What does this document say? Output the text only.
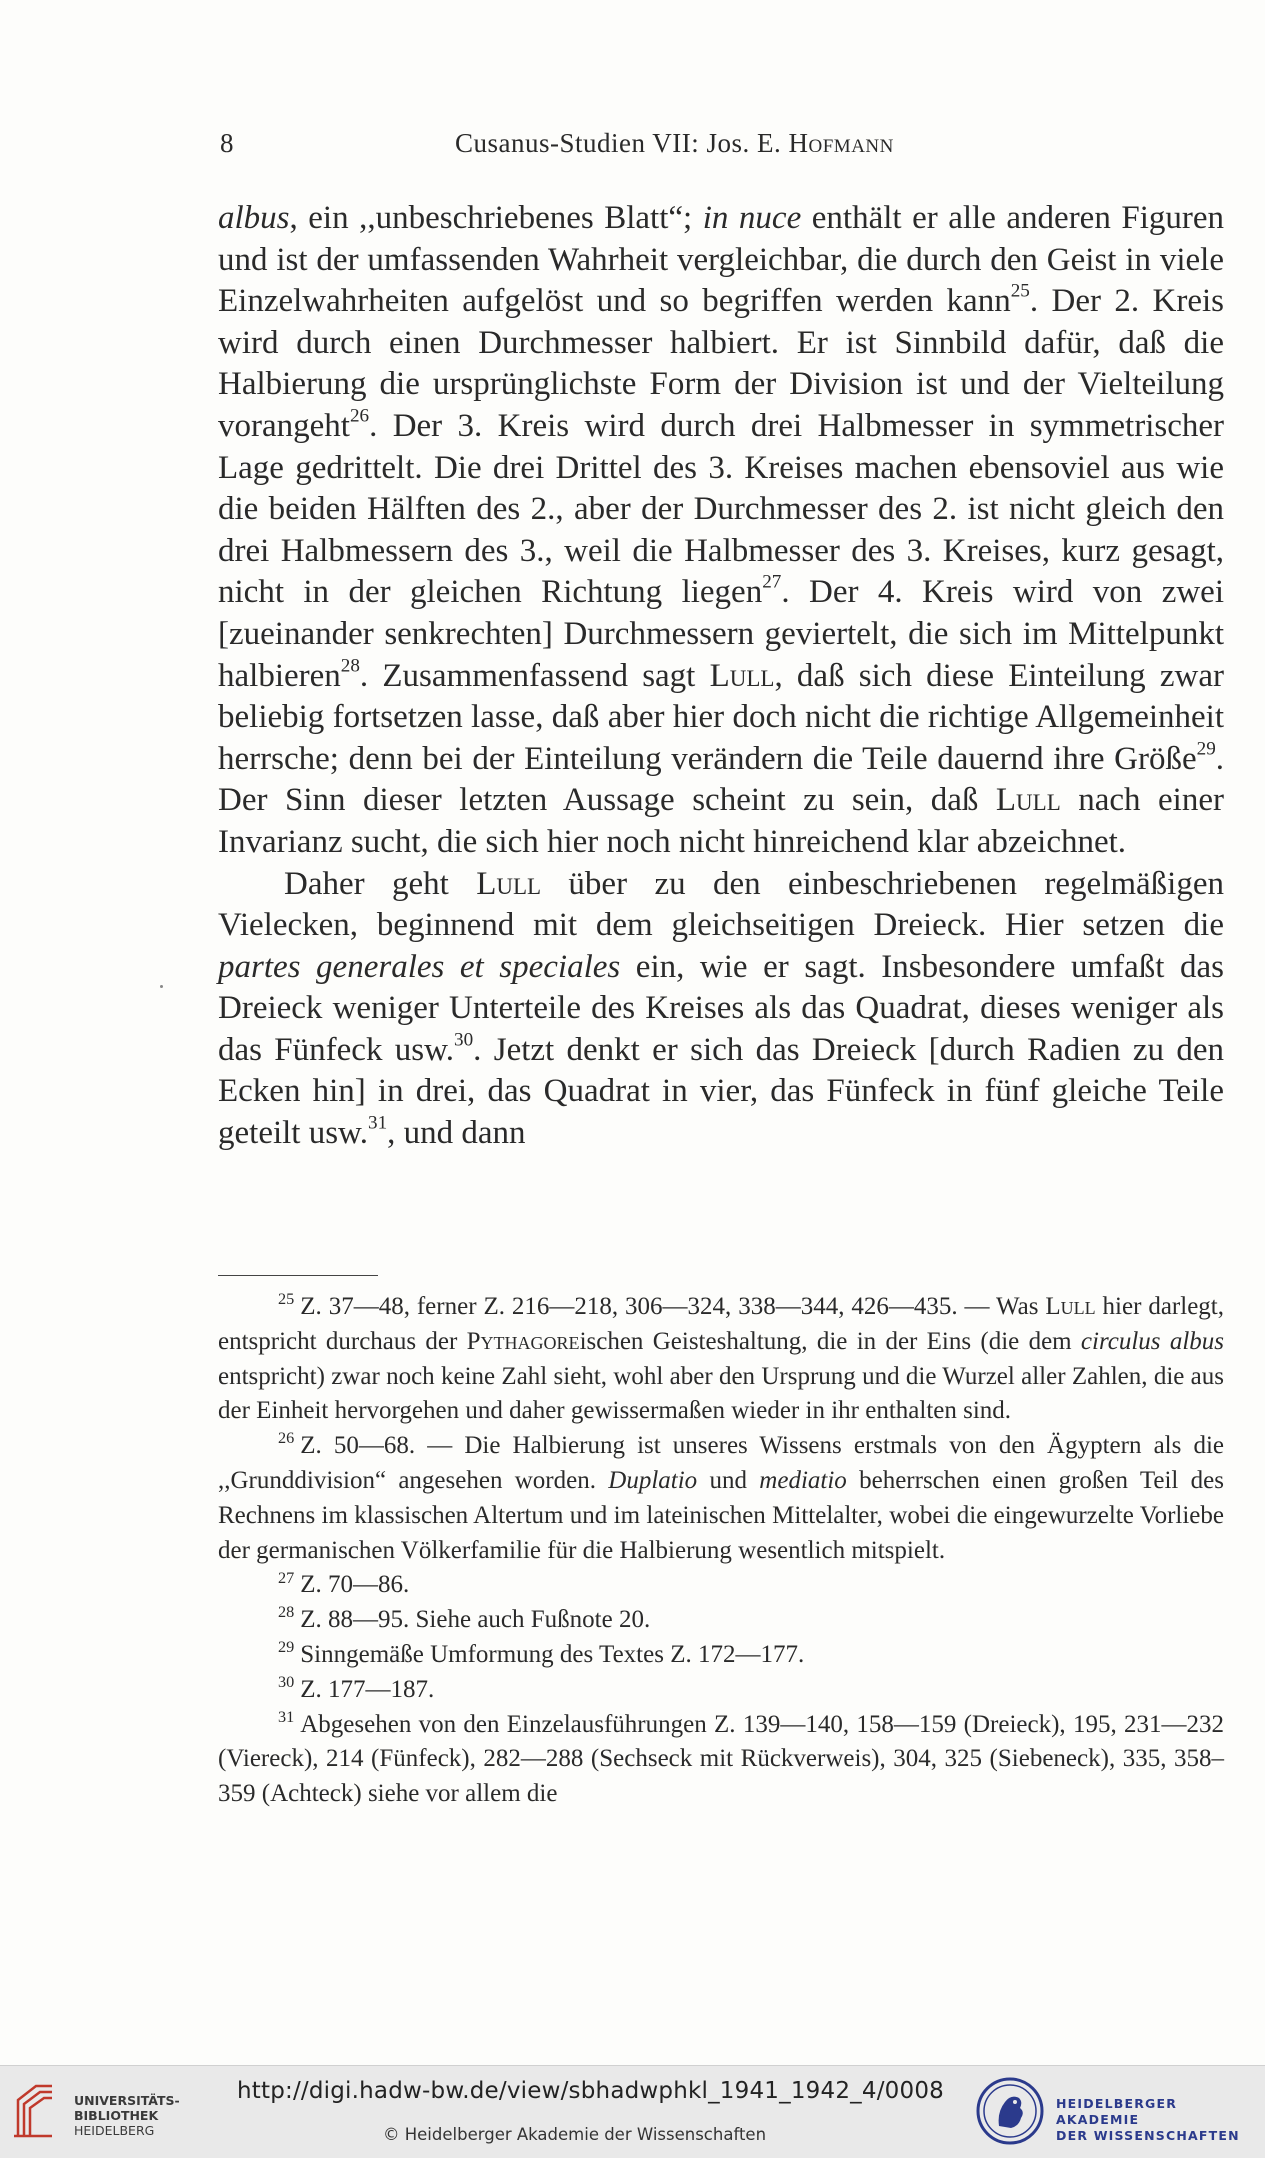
8	Cusanus-Studien VII: Jos. E. Hofmann

albus, ein ,,unbeschriebenes Blatt“; in nuce enthält er alle anderen Figuren und ist der umfassenden Wahrheit vergleichbar, die durch den Geist in viele Einzelwahrheiten aufgelöst und so begriffen werden kann$^{25}$. Der 2. Kreis wird durch einen Durchmesser halbiert. Er ist Sinnbild dafür, daß die Halbierung die ursprünglichste Form der Division ist und der Vielteilung vorangeht$^{26}$. Der 3. Kreis wird durch drei Halbmesser in symmetrischer Lage gedrittelt. Die drei Drittel des 3. Kreises machen ebensoviel aus wie die beiden Hälften des 2., aber der Durchmesser des 2. ist nicht gleich den drei Halbmessern des 3., weil die Halbmesser des 3. Kreises, kurz gesagt, nicht in der gleichen Richtung liegen$^{27}$. Der 4. Kreis wird von zwei [zueinander senkrechten] Durchmessern geviertelt, die sich im Mittelpunkt halbieren$^{28}$. Zusammenfassend sagt Lull, daß sich diese Einteilung zwar beliebig fortsetzen lasse, daß aber hier doch nicht die richtige Allgemeinheit herrsche; denn bei der Einteilung verändern die Teile dauernd ihre Größe$^{29}$. Der Sinn dieser letzten Aussage scheint zu sein, daß Lull nach einer Invarianz sucht, die sich hier noch nicht hinreichend klar abzeichnet.

Daher geht Lull über zu den einbeschriebenen regelmäßigen Vielecken, beginnend mit dem gleichseitigen Dreieck. Hier setzen die partes generales et speciales ein, wie er sagt. Insbesondere umfaßt das Dreieck weniger Unterteile des Kreises als das Quadrat, dieses weniger als das Fünfeck usw.$^{30}$. Jetzt denkt er sich das Dreieck [durch Radien zu den Ecken hin] in drei, das Quadrat in vier, das Fünfeck in fünf gleiche Teile geteilt usw.$^{31}$, und dann

$^{25}$ Z. 37—48, ferner Z. 216—218, 306—324, 338—344, 426—435. — Was Lull hier darlegt, entspricht durchaus der Pythagoreischen Geisteshaltung, die in der Eins (die dem circulus albus entspricht) zwar noch keine Zahl sieht, wohl aber den Ursprung und die Wurzel aller Zahlen, die aus der Einheit hervorgehen und daher gewissermaßen wieder in ihr enthalten sind.

$^{26}$ Z. 50—68. — Die Halbierung ist unseres Wissens erstmals von den Ägyptern als die ,,Grunddivision“ angesehen worden. Duplatio und mediatio beherrschen einen großen Teil des Rechnens im klassischen Altertum und im lateinischen Mittelalter, wobei die eingewurzelte Vorliebe der germanischen Völkerfamilie für die Halbierung wesentlich mitspielt.

$^{27}$ Z. 70—86.

$^{28}$ Z. 88—95. Siehe auch Fußnote 20.

$^{29}$ Sinngemäße Umformung des Textes Z. 172—177.

$^{30}$ Z. 177—187.

$^{31}$ Abgesehen von den Einzelausführungen Z. 139—140, 158—159 (Dreieck), 195, 231—232 (Viereck), 214 (Fünfeck), 282—288 (Sechseck mit Rückverweis), 304, 325 (Siebeneck), 335, 358–359 (Achteck) siehe vor allem die

UNIVERSITÄTS-
BIBLIOTHEK
HEIDELBERG
http://digi.hadw-bw.de/view/sbhadwphkl_1941_1942_4/0008
© Heidelberger Akademie der Wissenschaften
HEIDELBERGER AKADEMIE
DER WISSENSCHAFTEN
